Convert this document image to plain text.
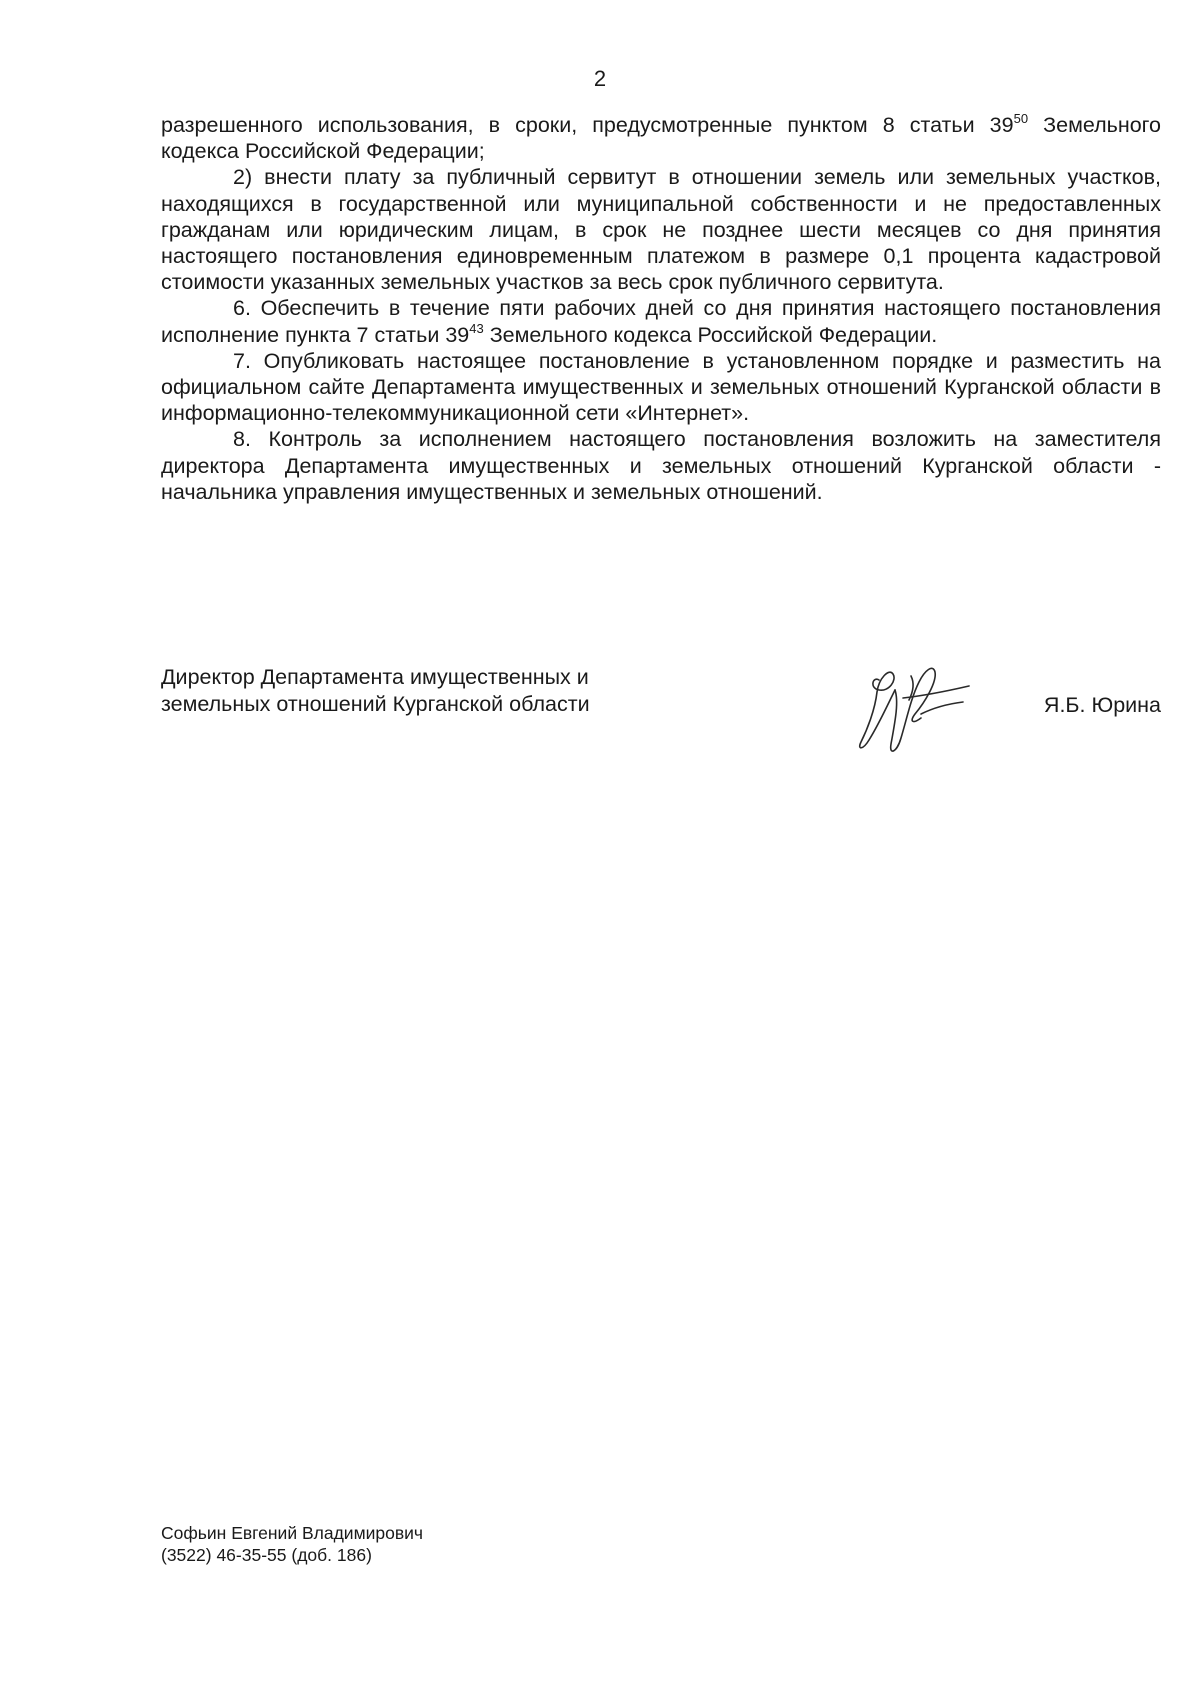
2

разрешенного использования, в сроки, предусмотренные пунктом 8 статьи $39^{50}$ Земельного кодекса Российской Федерации;

2) внести плату за публичный сервитут в отношении земель или земельных участков, находящихся в государственной или муниципальной собственности и не предоставленных гражданам или юридическим лицам, в срок не позднее шести месяцев со дня принятия настоящего постановления единовременным платежом в размере 0,1 процента кадастровой стоимости указанных земельных участков за весь срок публичного сервитута.

6. Обеспечить в течение пяти рабочих дней со дня принятия настоящего постановления исполнение пункта 7 статьи $39^{43}$ Земельного кодекса Российской Федерации.

7. Опубликовать настоящее постановление в установленном порядке и разместить на официальном сайте Департамента имущественных и земельных отношений Курганской области в информационно-телекоммуникационной сети «Интернет».

8. Контроль за исполнением настоящего постановления возложить на заместителя директора Департамента имущественных и земельных отношений Курганской области - начальника управления имущественных и земельных отношений.

Директор Департамента имущественных и
земельных отношений Курганской области	Я.Б. Юрина
Софьин Евгений Владимирович
(3522) 46-35-55 (доб. 186)
